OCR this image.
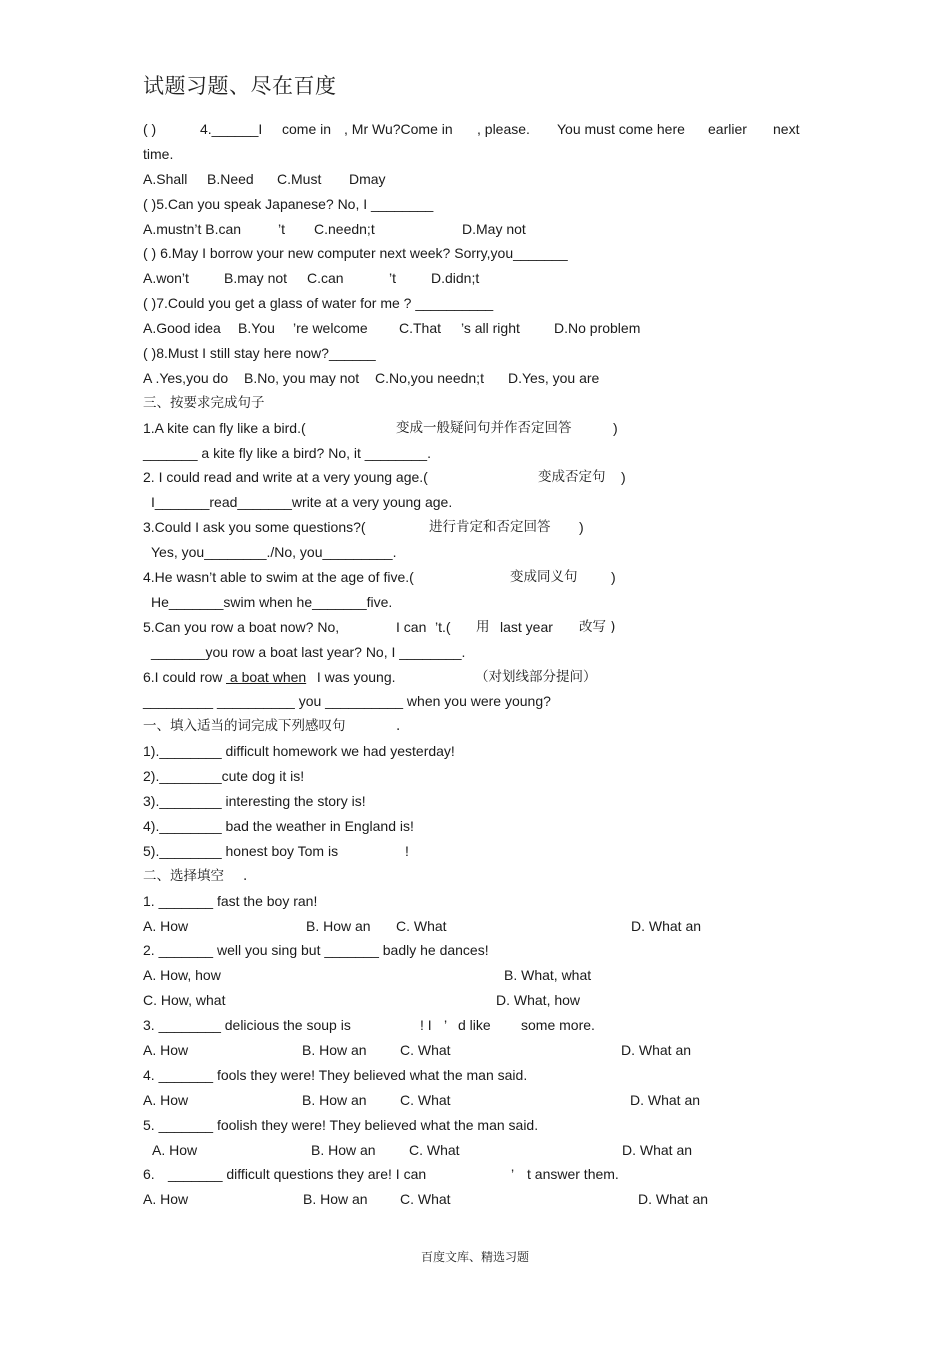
试题习题、尽在百度

( )

	4.______I

come in

, Mr Wu?Come in

, please.

You must come here

earlier

next

time.

A.Shall

B.Need

C.Must

Dmay

( )5.Can you speak Japanese? No, I ________

A.mustn’t B.can

	’t

C.needn;t

	D.May not

( ) 6.May I borrow your new computer next week? Sorry,you_______

A.won’t

	B.may not

C.can

	’t

	D.didn;t

( )7.Could you get a glass of water for me ? __________

A.Good idea

B.You

’re welcome

C.That

’s all right

D.No problem

( )8.Must I still stay here now?______

A .Yes,you do

B.No, you may not

C.No,you needn;t

D.Yes, you are

三、按要求完成句子

1.A kite can fly like a bird.(

	变成一般疑问句并作否定回答

	)

_______ a kite fly like a bird? No, it ________.

2. I could read and write at a very young age.(

	变成否定句

)

I_______read_______write at a very young age.

3.Could I ask you some questions?(

	进行肯定和否定回答

)

Yes, you________./No, you_________.

4.He wasn’t able to swim at the age of five.(

	变成同义句

)

He_______swim when he_______five.

5.Can you row a boat now? No,

	I can

’t.(

用

last year

改写 )

_______you row a boat last year? No, I ________.

6.I could row

a boat when

I was young.

	（对划线部分提问）

_________ __________ you __________ when you were young?

一、填入适当的词完成下列感叹句

	.

1).________ difficult homework we had yesterday!

2).________cute dog it is!

3).________ interesting the story is!

4).________ bad the weather in England is!

5).________ honest boy Tom is

	!

二、选择填空

.

1. _______ fast the boy ran!

A. How

	B. How an

C. What

	D. What an

2. _______ well you sing but _______ badly he dances!

A. How, how

	B. What, what

C. How, what

	D. What, how

3. ________ delicious the soup is

	! I

’

d like

some more.

A. How

	B. How an

C. What

	D. What an

4. _______ fools they were! They believed what the man said.

A. How

	B. How an

C. What

	D. What an

5. _______ foolish they were! They believed what the man said.

A. How

	B. How an

C. What

	D. What an

6.

_______ difficult questions they are! I can

	’

t answer them.

A. How

	B. How an

C. What

	D. What an

百度文库、精选习题
